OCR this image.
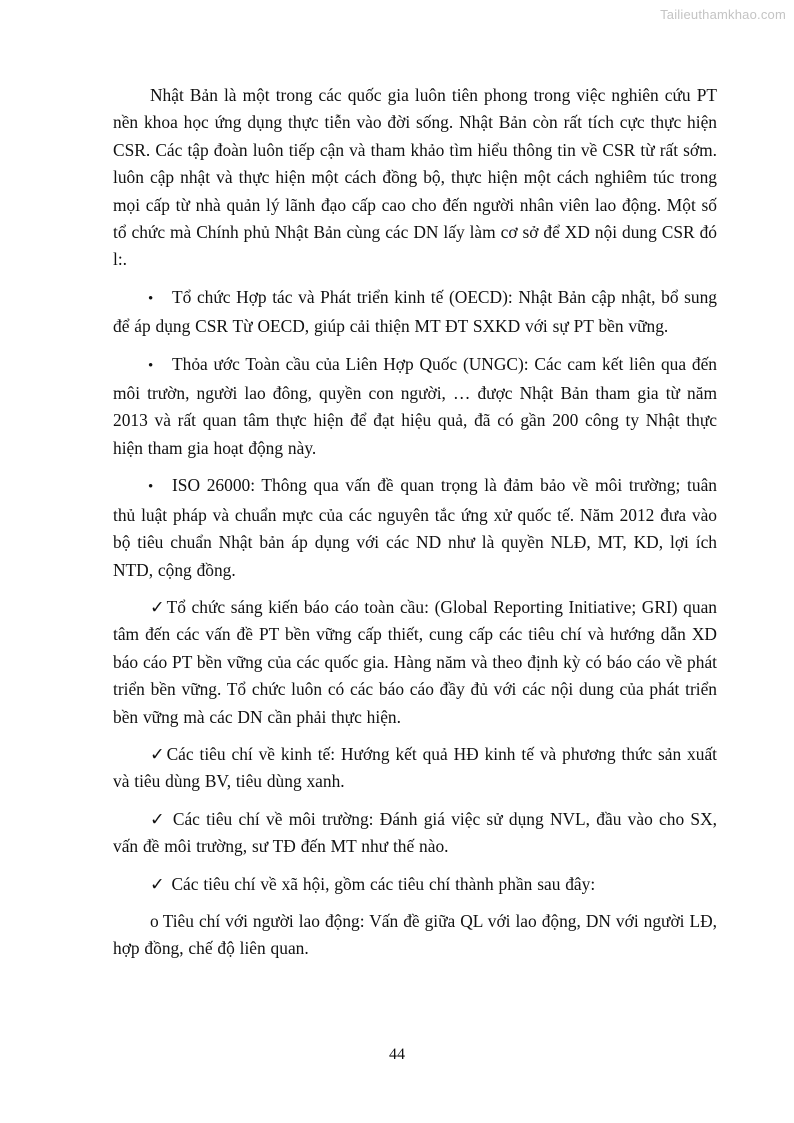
Tailieuthamkhao.com

Nhật Bản là một trong các quốc gia luôn tiên phong trong việc nghiên cứu PT nền khoa học ứng dụng thực tiễn vào đời sống. Nhật Bản còn rất tích cực thực hiện CSR. Các tập đoàn luôn tiếp cận và tham khảo tìm hiểu thông tin về CSR từ rất sớm. luôn cập nhật và thực hiện một cách đồng bộ, thực hiện một cách nghiêm túc trong mọi cấp từ nhà quản lý lãnh đạo cấp cao cho đến người nhân viên lao động. Một số tổ chức mà Chính phủ Nhật Bản cùng các DN lấy làm cơ sở để XD nội dung CSR đó l:.

• Tổ chức Hợp tác và Phát triển kinh tế (OECD): Nhật Bản cập nhật, bổ sung để áp dụng CSR Từ OECD, giúp cải thiện MT ĐT SXKD với sự PT bền vững.

• Thỏa ước Toàn cầu của Liên Hợp Quốc (UNGC): Các cam kết liên qua đến môi trườn, người lao đông, quyền con người, … được Nhật Bản tham gia từ năm 2013 và rất quan tâm thực hiện để đạt hiệu quả, đã có gần 200 công ty Nhật thực hiện tham gia hoạt động này.

• ISO 26000: Thông qua vấn đề quan trọng là đảm bảo về môi trường; tuân thủ luật pháp và chuẩn mực của các nguyên tắc ứng xử quốc tế. Năm 2012 đưa vào bộ tiêu chuẩn Nhật bản áp dụng với các ND như là quyền NLĐ, MT, KD, lợi ích NTD, cộng đồng.

✓ Tổ chức sáng kiến báo cáo toàn cầu: (Global Reporting Initiative; GRI) quan tâm đến các vấn đề PT bền vững cấp thiết, cung cấp các tiêu chí và hướng dẫn XD báo cáo PT bền vững của các quốc gia. Hàng năm và theo định kỳ có báo cáo về phát triển bền vững. Tổ chức luôn có các báo cáo đầy đủ với các nội dung của phát triển bền vững mà các DN cần phải thực hiện.

✓ Các tiêu chí về kinh tế: Hướng kết quả HĐ kinh tế và phương thức sản xuất và tiêu dùng BV, tiêu dùng xanh.

✓ Các tiêu chí về môi trường: Đánh giá việc sử dụng NVL, đầu vào cho SX, vấn đề môi trường, sư TĐ đến MT như thế nào.

✓ Các tiêu chí về xã hội, gồm các tiêu chí thành phần sau đây:

o Tiêu chí với người lao động: Vấn đề giữa QL với lao động, DN với người LĐ, hợp đồng, chế độ liên quan.

44
